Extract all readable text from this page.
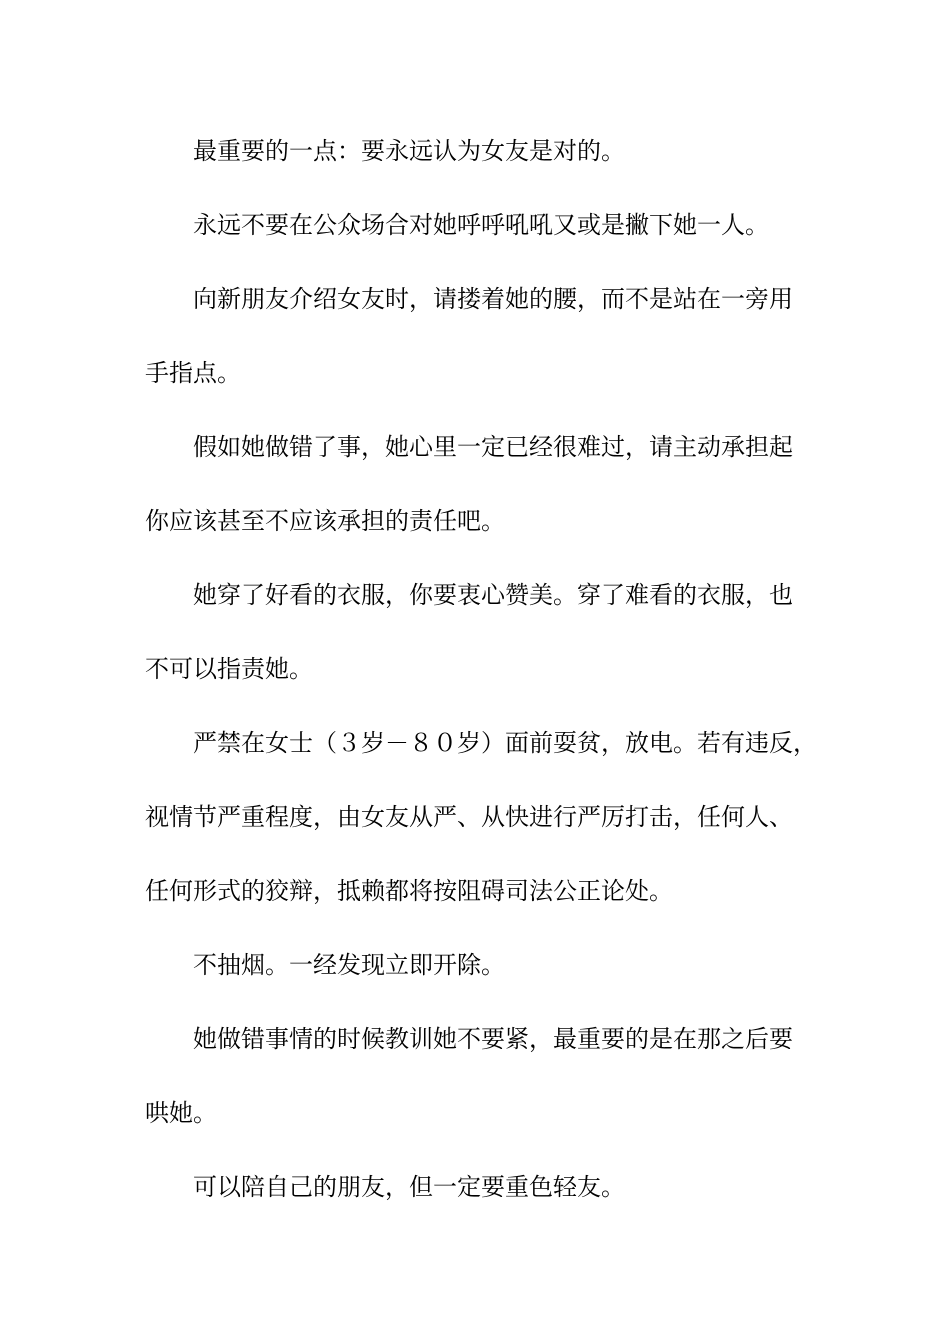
最重要的一点：要永远认为女友是对的。
永远不要在公众场合对她呼呼吼吼又或是撇下她一人。
向新朋友介绍女友时，请搂着她的腰，而不是站在一旁用
手指点。
假如她做错了事，她心里一定已经很难过，请主动承担起
你应该甚至不应该承担的责任吧。
她穿了好看的衣服，你要衷心赞美。穿了难看的衣服，也
不可以指责她。
严禁在女士（３岁－８０岁）面前耍贫，放电。若有违反，
视情节严重程度，由女友从严、从快进行严厉打击，任何人、
任何形式的狡辩，抵赖都将按阻碍司法公正论处。
不抽烟。一经发现立即开除。
她做错事情的时候教训她不要紧，最重要的是在那之后要
哄她。
可以陪自己的朋友，但一定要重色轻友。
